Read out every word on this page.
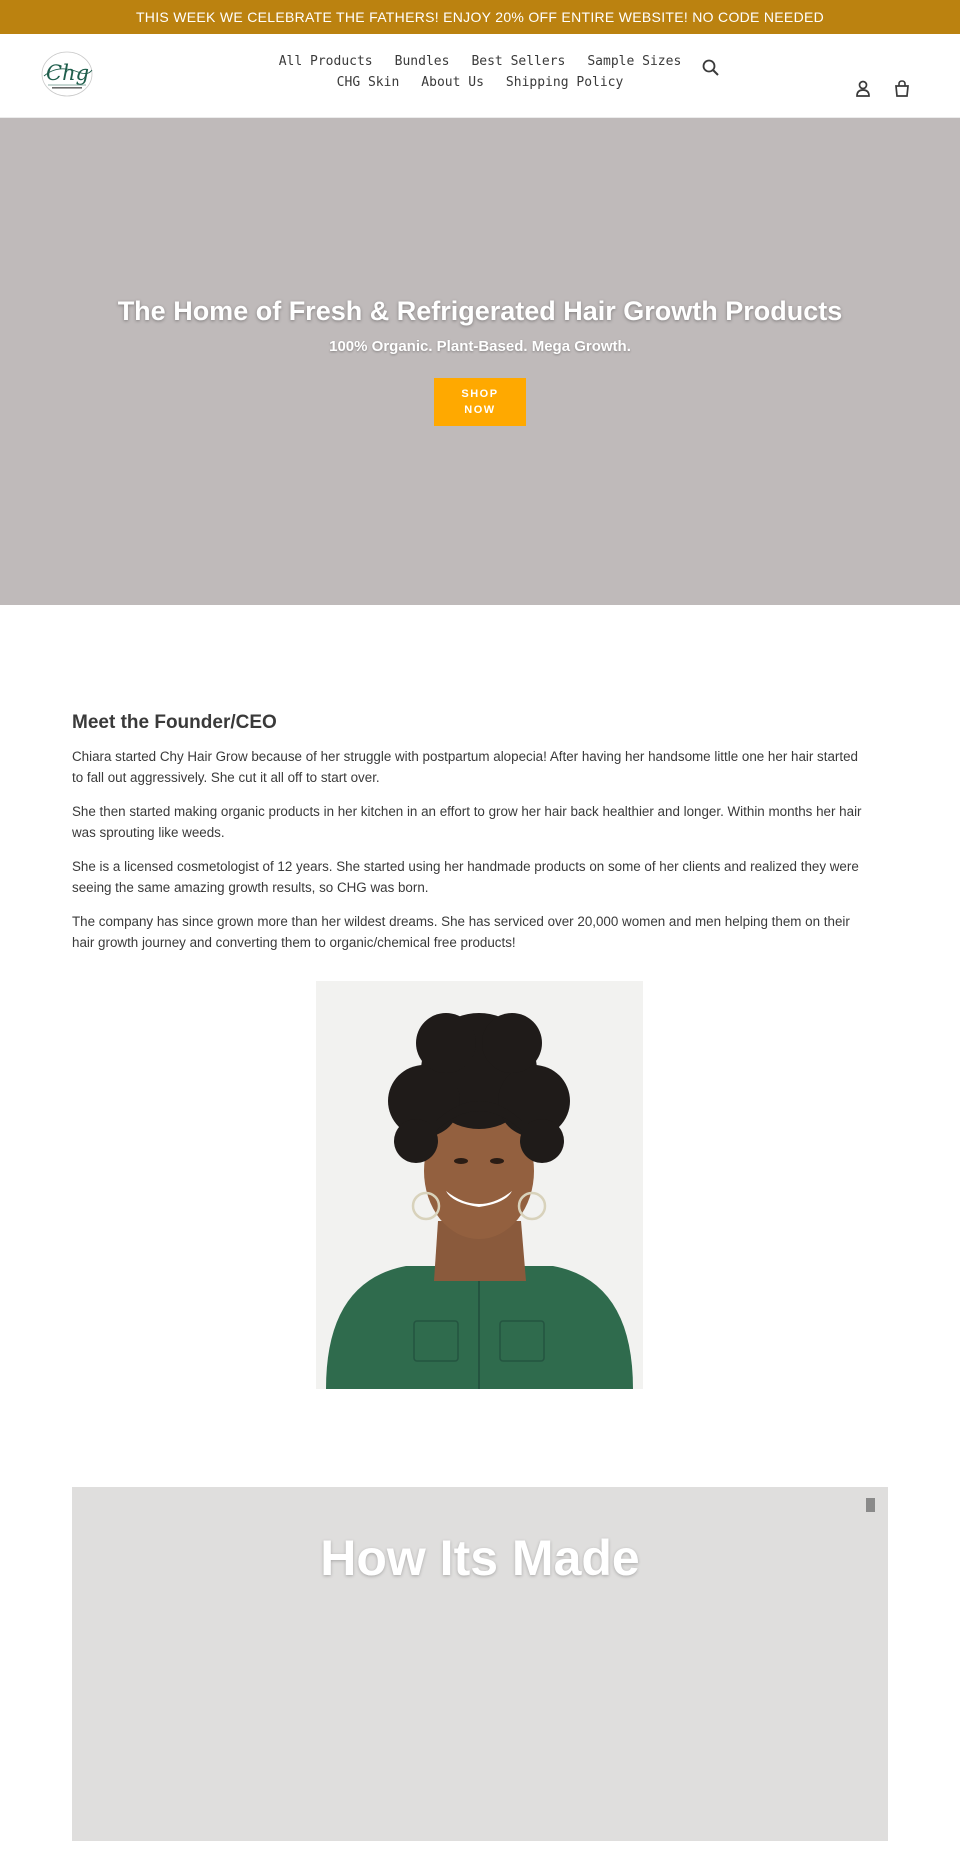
THIS WEEK WE CELEBRATE THE FATHERS! ENJOY 20% OFF ENTIRE WEBSITE! NO CODE NEEDED
Chg	All Products Bundles Best Sellers Sample Sizes
CHG Skin About Us Shipping Policy
The Home of Fresh & Refrigerated Hair Growth Products
100% Organic. Plant-Based. Mega Growth.
SHOP
NOW
Meet the Founder/CEO

Chiara started Chy Hair Grow because of her struggle with postpartum alopecia! After having her handsome little one her hair started to fall out aggressively. She cut it all off to start over.

She then started making organic products in her kitchen in an effort to grow her hair back healthier and longer. Within months her hair was sprouting like weeds.

She is a licensed cosmetologist of 12 years. She started using her handmade products on some of her clients and realized they were seeing the same amazing growth results, so CHG was born.

The company has since grown more than her wildest dreams. She has serviced over 20,000 women and men helping them on their hair growth journey and converting them to organic/chemical free products!

How Its Made
